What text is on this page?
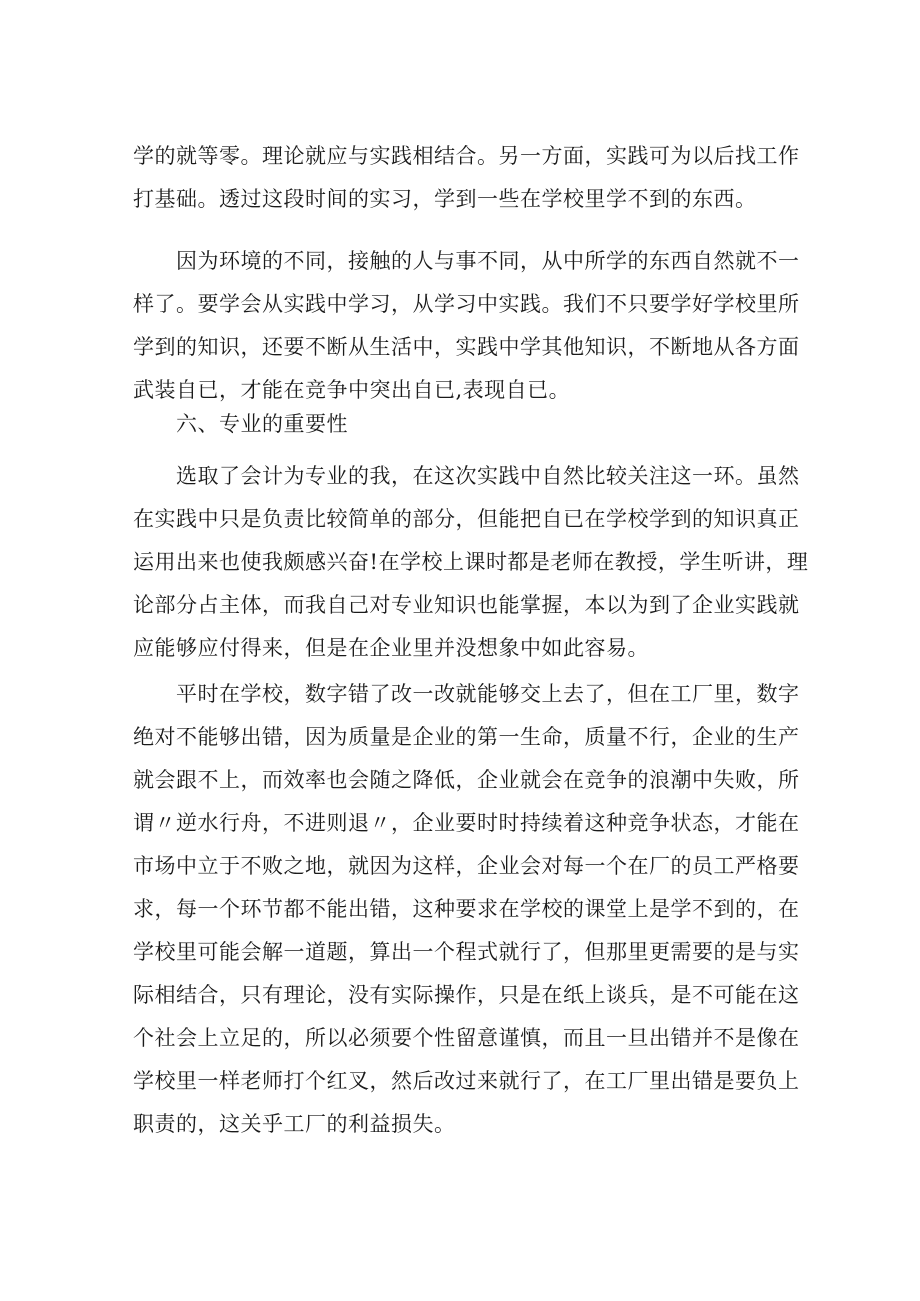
学的就等零。理论就应与实践相结合。另一方面，实践可为以后找工作
打基础。透过这段时间的实习，学到一些在学校里学不到的东西。
因为环境的不同，接触的人与事不同，从中所学的东西自然就不一
样了。要学会从实践中学习，从学习中实践。我们不只要学好学校里所
学到的知识，还要不断从生活中，实践中学其他知识，不断地从各方面
武装自已，才能在竞争中突出自已,表现自已。
六、专业的重要性
选取了会计为专业的我，在这次实践中自然比较关注这一环。虽然
在实践中只是负责比较简单的部分，但能把自已在学校学到的知识真正
运用出来也使我颇感兴奋!在学校上课时都是老师在教授，学生听讲，理
论部分占主体，而我自己对专业知识也能掌握，本以为到了企业实践就
应能够应付得来，但是在企业里并没想象中如此容易。
平时在学校，数字错了改一改就能够交上去了，但在工厂里，数字
绝对不能够出错，因为质量是企业的第一生命，质量不行，企业的生产
就会跟不上，而效率也会随之降低，企业就会在竞争的浪潮中失败，所
谓〃逆水行舟，不进则退〃，企业要时时持续着这种竞争状态，才能在
市场中立于不败之地，就因为这样，企业会对每一个在厂的员工严格要
求，每一个环节都不能出错，这种要求在学校的课堂上是学不到的，在
学校里可能会解一道题，算出一个程式就行了，但那里更需要的是与实
际相结合，只有理论，没有实际操作，只是在纸上谈兵，是不可能在这
个社会上立足的，所以必须要个性留意谨慎，而且一旦出错并不是像在
学校里一样老师打个红叉，然后改过来就行了，在工厂里出错是要负上
职责的，这关乎工厂的利益损失。
